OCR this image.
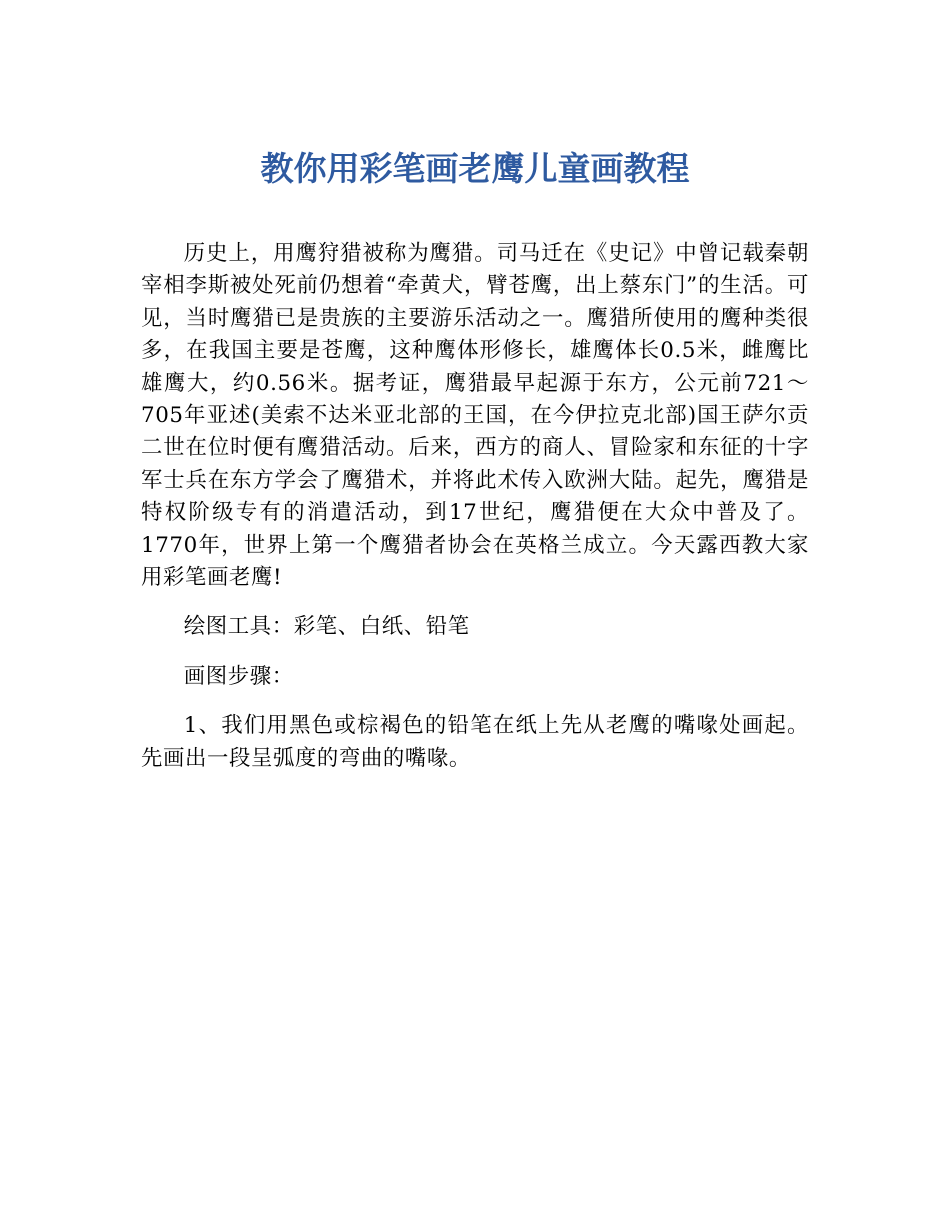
教你用彩笔画老鹰儿童画教程

历史上，用鹰狩猎被称为鹰猎。司马迁在《史记》中曾记载秦朝宰相李斯被处死前仍想着“牵黄犬，臂苍鹰，出上蔡东门”的生活。可见，当时鹰猎已是贵族的主要游乐活动之一。鹰猎所使用的鹰种类很多，在我国主要是苍鹰，这种鹰体形修长，雄鹰体长0.5米，雌鹰比雄鹰大，约0.56米。据考证，鹰猎最早起源于东方，公元前721～705年亚述(美索不达米亚北部的王国，在今伊拉克北部)国王萨尔贡二世在位时便有鹰猎活动。后来，西方的商人、冒险家和东征的十字军士兵在东方学会了鹰猎术，并将此术传入欧洲大陆。起先，鹰猎是特权阶级专有的消遣活动，到17世纪，鹰猎便在大众中普及了。1770年，世界上第一个鹰猎者协会在英格兰成立。今天露西教大家用彩笔画老鹰!

绘图工具：彩笔、白纸、铅笔

画图步骤：

1、我们用黑色或棕褐色的铅笔在纸上先从老鹰的嘴喙处画起。先画出一段呈弧度的弯曲的嘴喙。
